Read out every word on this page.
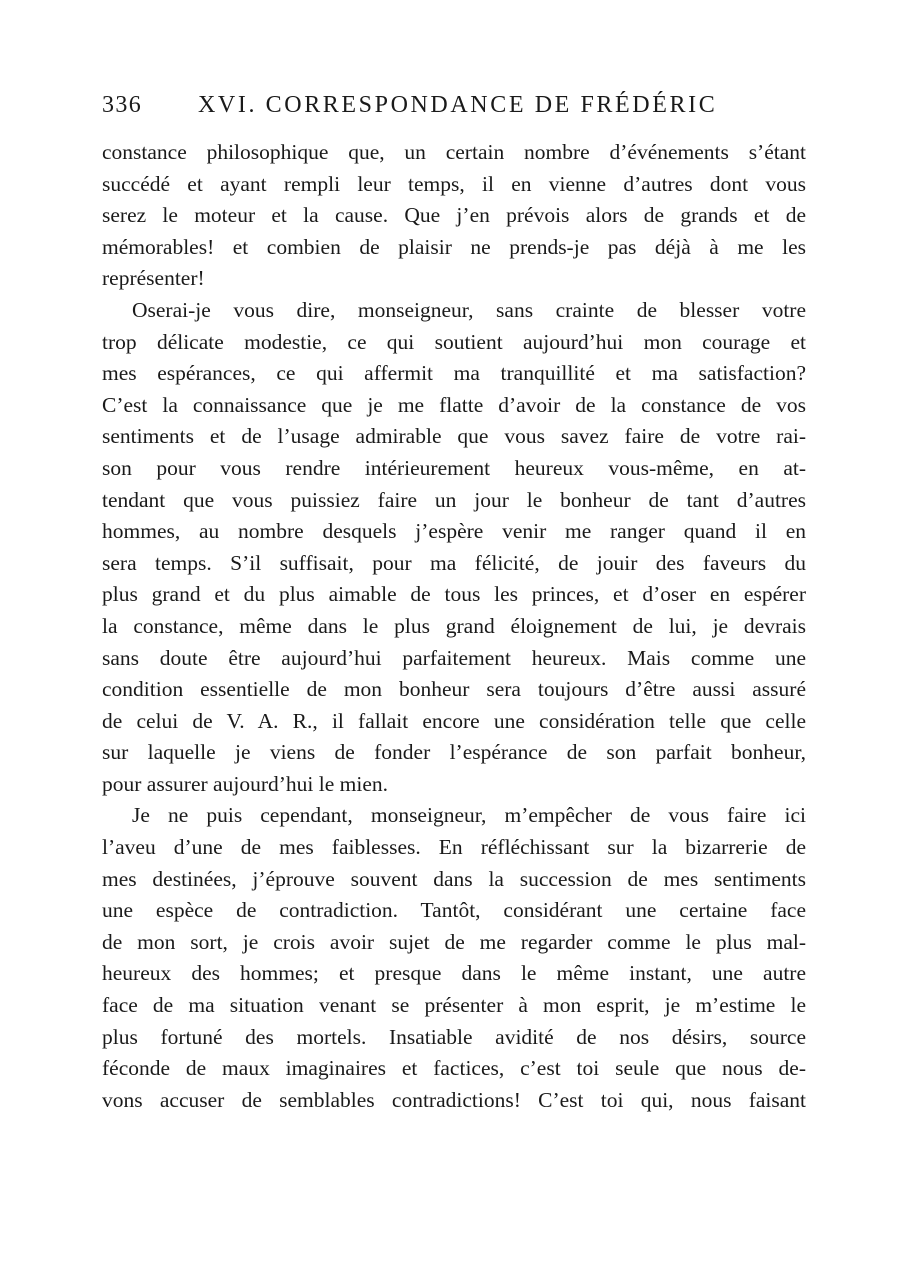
336 XVI. CORRESPONDANCE DE FRÉDÉRIC
constance philosophique que, un certain nombre d’événements s’étant
succédé et ayant rempli leur temps, il en vienne d’autres dont vous
serez le moteur et la cause. Que j’en prévois alors de grands et de
mémorables! et combien de plaisir ne prends-je pas déjà à me les
représenter!
Oserai-je vous dire, monseigneur, sans crainte de blesser votre
trop délicate modestie, ce qui soutient aujourd’hui mon courage et
mes espérances, ce qui affermit ma tranquillité et ma satisfaction?
C’est la connaissance que je me flatte d’avoir de la constance de vos
sentiments et de l’usage admirable que vous savez faire de votre rai-
son pour vous rendre intérieurement heureux vous-même, en at-
tendant que vous puissiez faire un jour le bonheur de tant d’autres
hommes, au nombre desquels j’espère venir me ranger quand il en
sera temps. S’il suffisait, pour ma félicité, de jouir des faveurs du
plus grand et du plus aimable de tous les princes, et d’oser en espérer
la constance, même dans le plus grand éloignement de lui, je devrais
sans doute être aujourd’hui parfaitement heureux. Mais comme une
condition essentielle de mon bonheur sera toujours d’être aussi assuré
de celui de V. A. R., il fallait encore une considération telle que celle
sur laquelle je viens de fonder l’espérance de son parfait bonheur,
pour assurer aujourd’hui le mien.
Je ne puis cependant, monseigneur, m’empêcher de vous faire ici
l’aveu d’une de mes faiblesses. En réfléchissant sur la bizarrerie de
mes destinées, j’éprouve souvent dans la succession de mes sentiments
une espèce de contradiction. Tantôt, considérant une certaine face
de mon sort, je crois avoir sujet de me regarder comme le plus mal-
heureux des hommes; et presque dans le même instant, une autre
face de ma situation venant se présenter à mon esprit, je m’estime le
plus fortuné des mortels. Insatiable avidité de nos désirs, source
féconde de maux imaginaires et factices, c’est toi seule que nous de-
vons accuser de semblables contradictions! C’est toi qui, nous faisant
